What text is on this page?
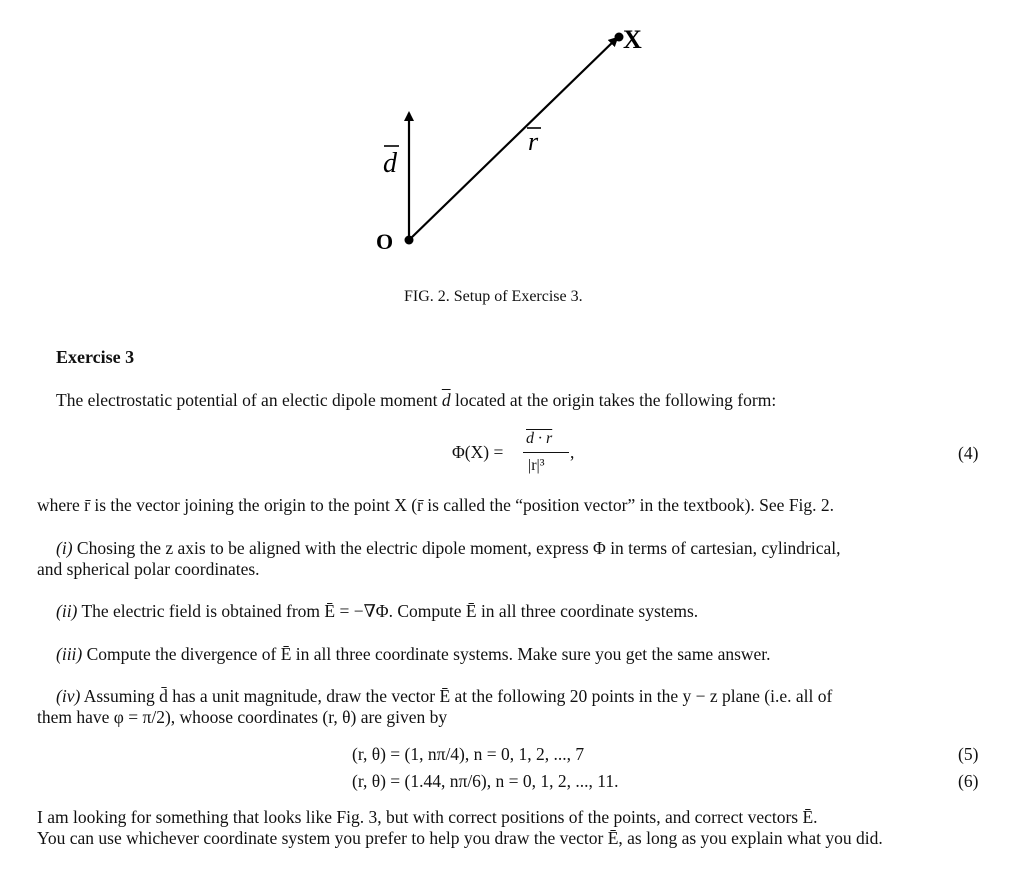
X
O
d
r
FIG. 2. Setup of Exercise 3.
Exercise 3
The electrostatic potential of an electic dipole moment $\overline{d}$ located at the origin takes the following form:
Φ(X) =
d · r
|r|³
,	(4)
where r̄ is the vector joining the origin to the point X (r̄ is called the “position vector” in the textbook). See Fig. 2.
(i) Chosing the z axis to be aligned with the electric dipole moment, express Φ in terms of cartesian, cylindrical,
and spherical polar coordinates.
(ii) The electric field is obtained from Ē = −∇Φ. Compute Ē in all three coordinate systems.
(iii) Compute the divergence of Ē in all three coordinate systems. Make sure you get the same answer.
(iv) Assuming d̄ has a unit magnitude, draw the vector Ē at the following 20 points in the y − z plane (i.e. all of
them have φ = π/2), whoose coordinates (r, θ) are given by
(r, θ) = (1, nπ/4), n = 0, 1, 2, ..., 7	(5)
(r, θ) = (1.44, nπ/6), n = 0, 1, 2, ..., 11.	(6)
I am looking for something that looks like Fig. 3, but with correct positions of the points, and correct vectors Ē.
You can use whichever coordinate system you prefer to help you draw the vector Ē, as long as you explain what you did.
